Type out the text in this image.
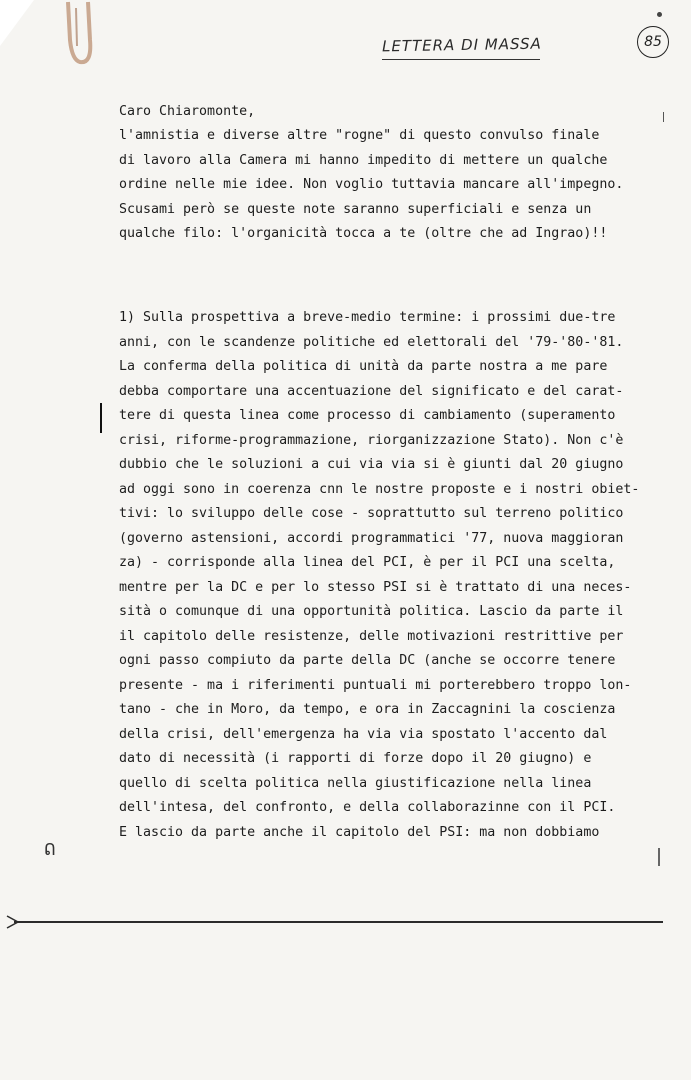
LETTERA DI MASSA	85
Caro Chiaromonte,
l'amnistia e diverse altre "rogne" di questo convulso finale
di lavoro alla Camera mi hanno impedito di mettere un qualche
ordine nelle mie idee. Non voglio tuttavia mancare all'impegno.
Scusami però se queste note saranno superficiali e senza un
qualche filo: l'organicità tocca a te (oltre che ad Ingrao)!!
1) Sulla prospettiva a breve-medio termine: i prossimi due-tre
anni, con le scandenze politiche ed elettorali del '79-'80-'81.
La conferma della politica di unità da parte nostra a me pare
debba comportare una accentuazione del significato e del carat-
tere di questa linea come processo di cambiamento (superamento
crisi, riforme-programmazione, riorganizzazione Stato). Non c'è
dubbio che le soluzioni a cui via via si è giunti dal 20 giugno
ad oggi sono in coerenza cnn le nostre proposte e i nostri obiet-
tivi: lo sviluppo delle cose - soprattutto sul terreno politico
(governo astensioni, accordi programmatici '77, nuova maggioran
za) - corrisponde alla linea del PCI, è per il PCI una scelta,
mentre per la DC e per lo stesso PSI si è trattato di una neces-
sità o comunque di una opportunità politica. Lascio da parte il
il capitolo delle resistenze, delle motivazioni restrittive per
ogni passo compiuto da parte della DC (anche se occorre tenere
presente - ma i riferimenti puntuali mi porterebbero troppo lon-
tano - che in Moro, da tempo, e ora in Zaccagnini la coscienza
della crisi, dell'emergenza ha via via spostato l'accento dal
dato di necessità (i rapporti di forze dopo il 20 giugno) e
quello di scelta politica nella giustificazione nella linea
dell'intesa, del confronto, e della collaborazinne con il PCI.
E lascio da parte anche il capitolo del PSI: ma non dobbiamo
ᕠ
